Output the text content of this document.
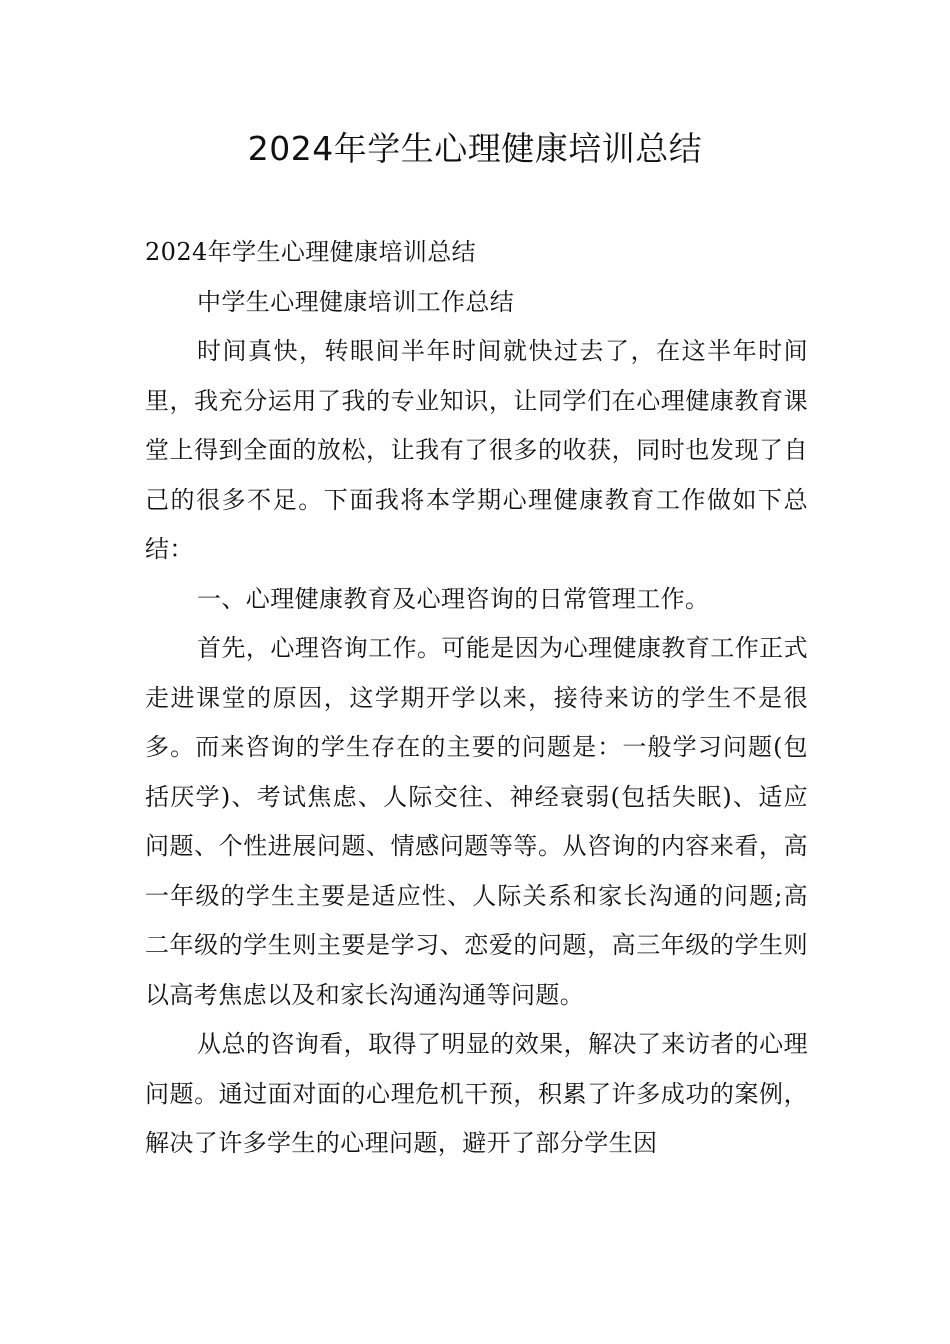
2024年学生心理健康培训总结

2024年学生心理健康培训总结

中学生心理健康培训工作总结

时间真快，转眼间半年时间就快过去了，在这半年时间里，我充分运用了我的专业知识，让同学们在心理健康教育课堂上得到全面的放松，让我有了很多的收获，同时也发现了自己的很多不足。下面我将本学期心理健康教育工作做如下总结：

一、心理健康教育及心理咨询的日常管理工作。

首先，心理咨询工作。可能是因为心理健康教育工作正式走进课堂的原因，这学期开学以来，接待来访的学生不是很多。而来咨询的学生存在的主要的问题是：一般学习问题(包括厌学)、考试焦虑、人际交往、神经衰弱(包括失眠)、适应问题、个性进展问题、情感问题等等。从咨询的内容来看，高一年级的学生主要是适应性、人际关系和家长沟通的问题;高二年级的学生则主要是学习、恋爱的问题，高三年级的学生则以高考焦虑以及和家长沟通沟通等问题。

从总的咨询看，取得了明显的效果，解决了来访者的心理问题。通过面对面的心理危机干预，积累了许多成功的案例，解决了许多学生的心理问题，避开了部分学生因
